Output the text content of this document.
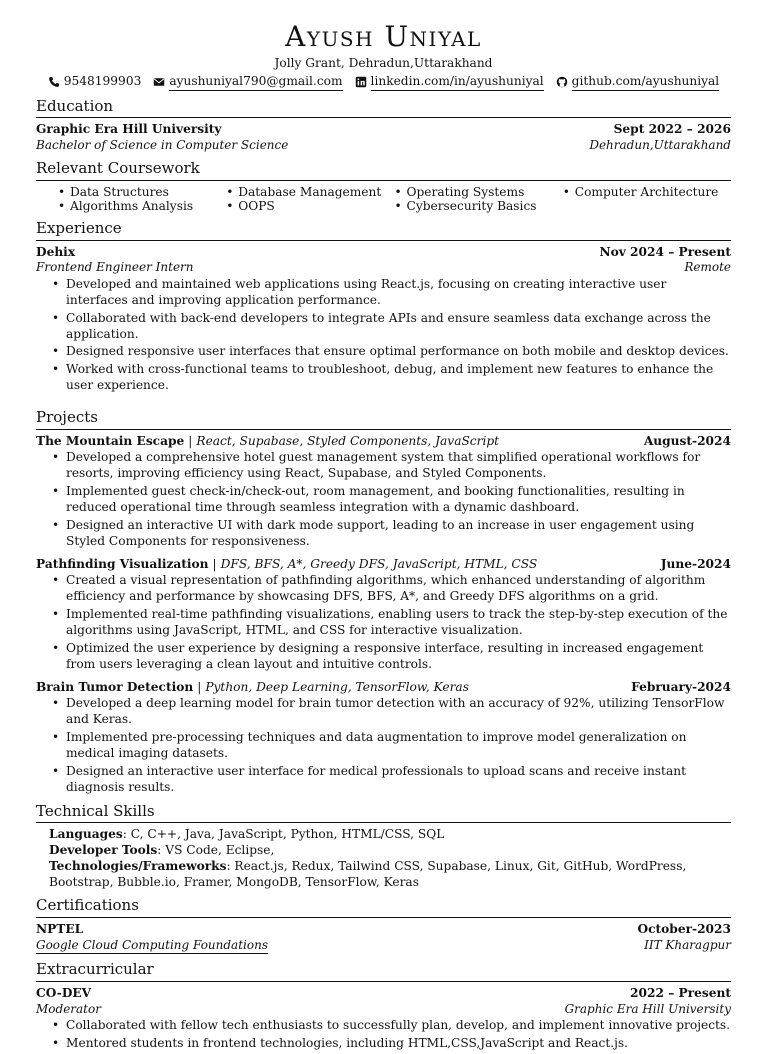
Ayush Uniyal
Jolly Grant, Dehradun,Uttarakhand
9548199903 ayushuniyal790@gmail.com linkedin.com/in/ayushuniyal github.com/ayushuniyal
Education
Graphic Era Hill University	Sept 2022 – 2026
Bachelor of Science in Computer Science	Dehradun,Uttarakhand
Relevant Coursework
• Data Structures	• Database Management	• Operating Systems	• Computer Architecture
• Algorithms Analysis	• OOPS	• Cybersecurity Basics
Experience
Dehix	Nov 2024 – Present
Frontend Engineer Intern	Remote
• Developed and maintained web applications using React.js, focusing on creating interactive user interfaces and improving application performance.
• Collaborated with back-end developers to integrate APIs and ensure seamless data exchange across the application.
• Designed responsive user interfaces that ensure optimal performance on both mobile and desktop devices.
• Worked with cross-functional teams to troubleshoot, debug, and implement new features to enhance the user experience.
Projects
The Mountain Escape | React, Supabase, Styled Components, JavaScript	August-2024
• Developed a comprehensive hotel guest management system that simplified operational workflows for resorts, improving efficiency using React, Supabase, and Styled Components.
• Implemented guest check-in/check-out, room management, and booking functionalities, resulting in reduced operational time through seamless integration with a dynamic dashboard.
• Designed an interactive UI with dark mode support, leading to an increase in user engagement using Styled Components for responsiveness.
Pathfinding Visualization | DFS, BFS, A*, Greedy DFS, JavaScript, HTML, CSS	June-2024
• Created a visual representation of pathfinding algorithms, which enhanced understanding of algorithm efficiency and performance by showcasing DFS, BFS, A*, and Greedy DFS algorithms on a grid.
• Implemented real-time pathfinding visualizations, enabling users to track the step-by-step execution of the algorithms using JavaScript, HTML, and CSS for interactive visualization.
• Optimized the user experience by designing a responsive interface, resulting in increased engagement from users leveraging a clean layout and intuitive controls.
Brain Tumor Detection | Python, Deep Learning, TensorFlow, Keras	February-2024
• Developed a deep learning model for brain tumor detection with an accuracy of 92%, utilizing TensorFlow and Keras.
• Implemented pre-processing techniques and data augmentation to improve model generalization on medical imaging datasets.
• Designed an interactive user interface for medical professionals to upload scans and receive instant diagnosis results.
Technical Skills
Languages: C, C++, Java, JavaScript, Python, HTML/CSS, SQL
Developer Tools: VS Code, Eclipse,
Technologies/Frameworks: React.js, Redux, Tailwind CSS, Supabase, Linux, Git, GitHub, WordPress, Bootstrap, Bubble.io, Framer, MongoDB, TensorFlow, Keras
Certifications
NPTEL	October-2023
Google Cloud Computing Foundations	IIT Kharagpur
Extracurricular
CO-DEV	2022 – Present
Moderator	Graphic Era Hill University
• Collaborated with fellow tech enthusiasts to successfully plan, develop, and implement innovative projects.
• Mentored students in frontend technologies, including HTML,CSS,JavaScript and React.js.
